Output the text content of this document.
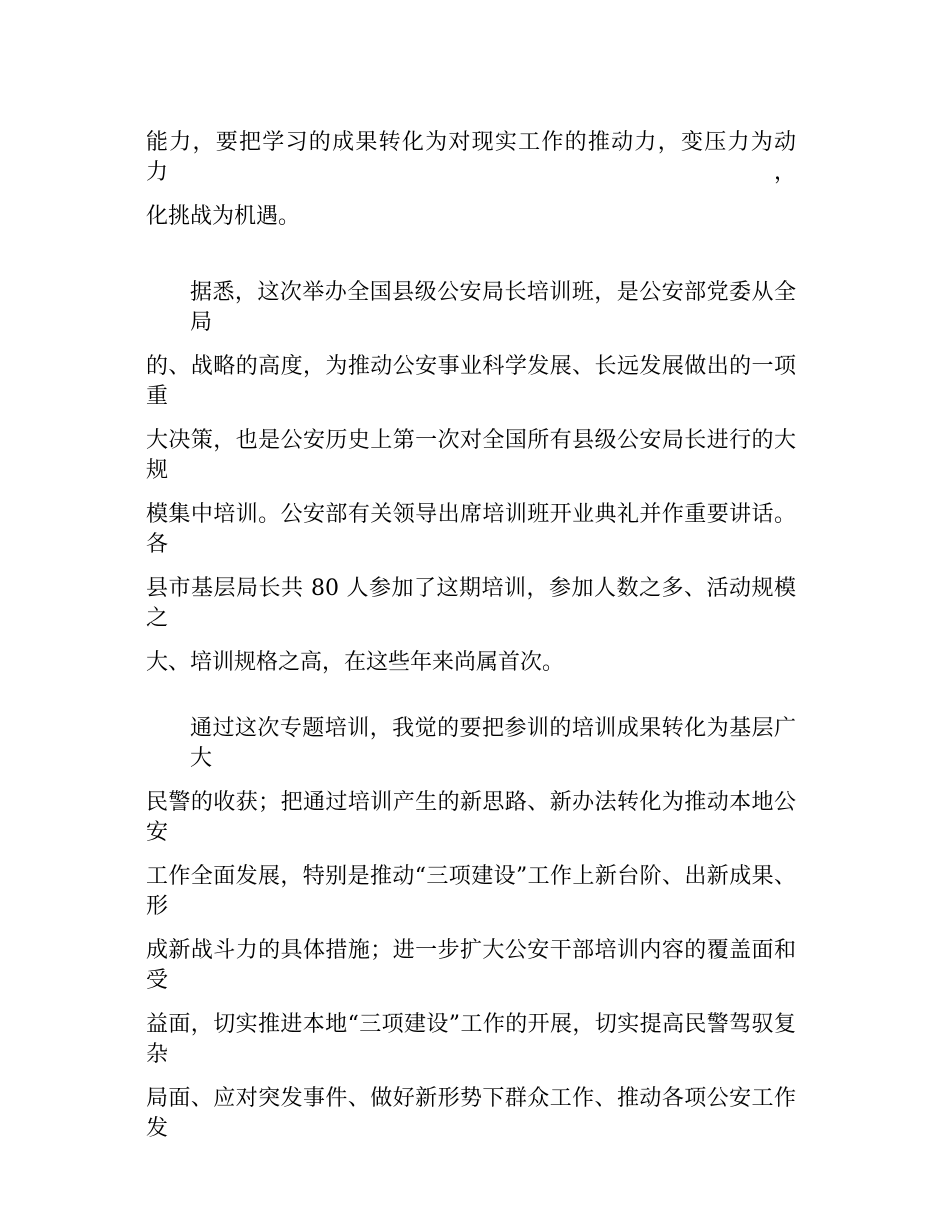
能力，要把学习的成果转化为对现实工作的推动力，变压力为动力，

化挑战为机遇。

据悉，这次举办全国县级公安局长培训班，是公安部党委从全局

的、战略的高度，为推动公安事业科学发展、长远发展做出的一项重

大决策，也是公安历史上第一次对全国所有县级公安局长进行的大规

模集中培训。公安部有关领导出席培训班开业典礼并作重要讲话。各

县市基层局长共 80 人参加了这期培训，参加人数之多、活动规模之

大、培训规格之高，在这些年来尚属首次。

通过这次专题培训，我觉的要把参训的培训成果转化为基层广大

民警的收获；把通过培训产生的新思路、新办法转化为推动本地公安

工作全面发展，特别是推动“三项建设”工作上新台阶、出新成果、形

成新战斗力的具体措施；进一步扩大公安干部培训内容的覆盖面和受

益面，切实推进本地“三项建设”工作的开展，切实提高民警驾驭复杂

局面、应对突发事件、做好新形势下群众工作、推动各项公安工作发
